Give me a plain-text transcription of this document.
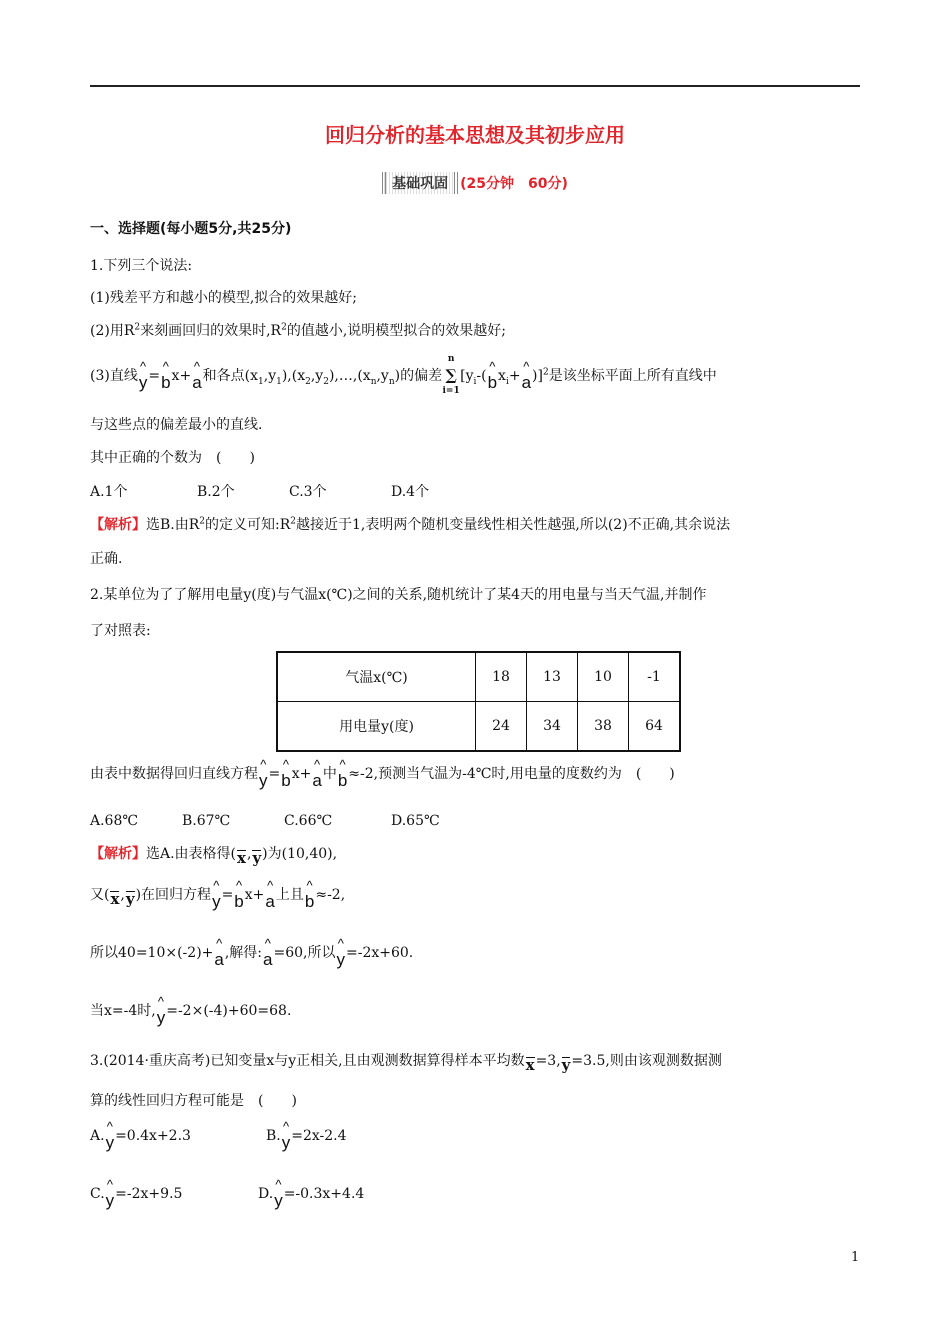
回归分析的基本思想及其初步应用
基础巩固 (25分钟　60分)
一、选择题(每小题5分,共25分)
1.下列三个说法:
(1)残差平方和越小的模型,拟合的效果越好;
(2)用$R^2$来刻画回归的效果时$,R^2$的值越小,说明模型拟合的效果越好;
(3)直线^ y=^ bx+^ a和各点$(x_1,y_1),(x_2,y_2),\dots,(x_n,y_n)$的偏差
n
∑
i=1
[$y_i-(\^{}$ $bx_i+\^{}$ a)]$^2$是该坐标平面上所有直线中
与这些点的偏差最小的直线.
其中正确的个数为　(　　)
A.1个	B.2个	C.3个	D.4个
【解析】选B.由$R^2$的定义可知$:R^2$越接近于1,表明两个随机变量线性相关性越强,所以(2)不正确,其余说法
正确.
2.某单位为了了解用电量y(度)与气温x(℃)之间的关系,随机统计了某4天的用电量与当天气温,并制作
了对照表:
气温x(℃)	18	13	10	-1
用电量y(度)	24	34	38	64
由表中数据得回归直线方程^ y=^ bx+^ a中^ b≈-2,预测当气温为-4℃时,用电量的度数约为　(　　)
A.68℃	B.67℃	C.66℃	D.65℃
【解析】选A.由表格得(x,y)为(10,40),
又(x,y)在回归方程^ y=^ bx+^ a上且^ b≈-2,
所以40=10×(-2)+^ a,解得:^ a=60,所以^ y=-2x+60.
当x=-4时,^ y=-2×(-4)+60=68.
3.(2014·重庆高考)已知变量x与y正相关,且由观测数据算得样本平均数x=3,y=3.5,则由该观测数据测
算的线性回归方程可能是　(　　)
A.^ y=0.4x+2.3	B.^ y=2x-2.4
C.^ y=-2x+9.5	D.^ y=-0.3x+4.4
1
